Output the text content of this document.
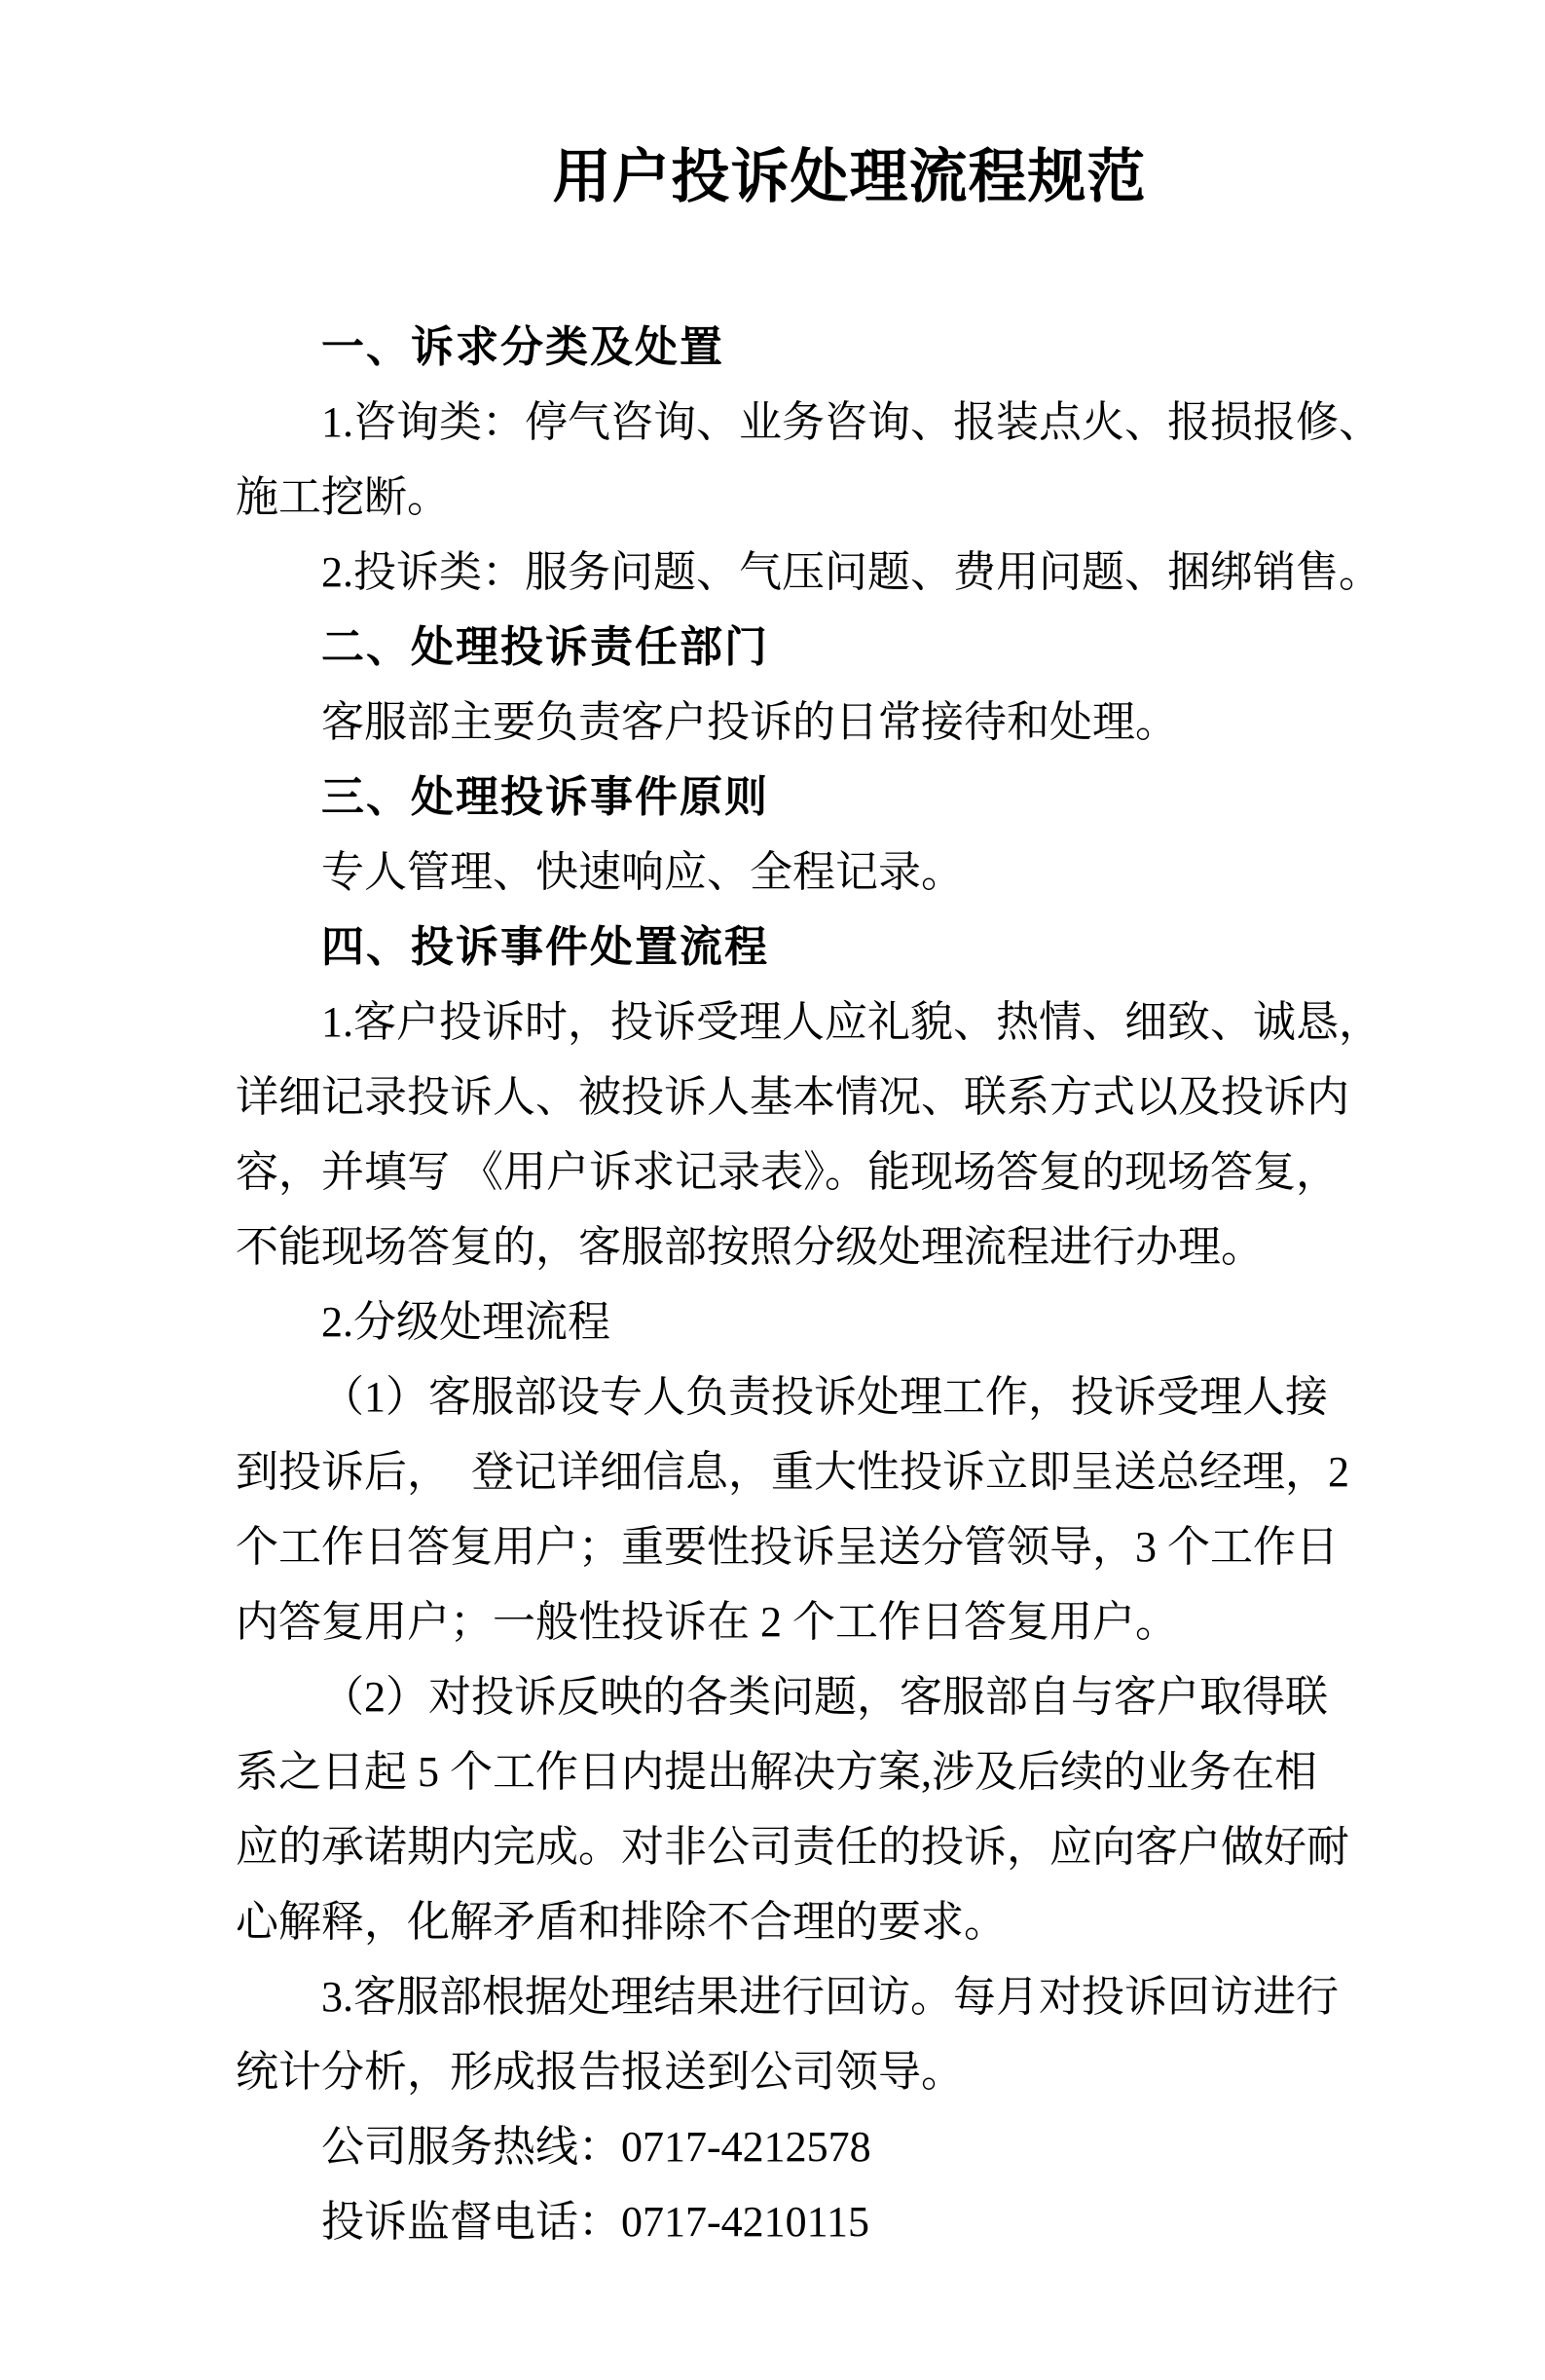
用户投诉处理流程规范
一、诉求分类及处置
1.咨询类：停气咨询、业务咨询、报装点火、报损报修、
施工挖断。
2.投诉类：服务问题、气压问题、费用问题、捆绑销售。
二、处理投诉责任部门
客服部主要负责客户投诉的日常接待和处理。
三、处理投诉事件原则
专人管理、快速响应、全程记录。
四、投诉事件处置流程
1.客户投诉时，投诉受理人应礼貌、热情、细致、诚恳，
详细记录投诉人、被投诉人基本情况、联系方式以及投诉内
容，并填写 《用户诉求记录表》。能现场答复的现场答复，
不能现场答复的，客服部按照分级处理流程进行办理。
2.分级处理流程
（1）客服部设专人负责投诉处理工作，投诉受理人接
到投诉后，　登记详细信息，重大性投诉立即呈送总经理，2
个工作日答复用户；重要性投诉呈送分管领导，3 个工作日
内答复用户；一般性投诉在 2 个工作日答复用户。
（2）对投诉反映的各类问题，客服部自与客户取得联
系之日起 5 个工作日内提出解决方案,涉及后续的业务在相
应的承诺期内完成。对非公司责任的投诉，应向客户做好耐
心解释，化解矛盾和排除不合理的要求。
3.客服部根据处理结果进行回访。每月对投诉回访进行
统计分析，形成报告报送到公司领导。
公司服务热线：0717-4212578
投诉监督电话：0717-4210115
